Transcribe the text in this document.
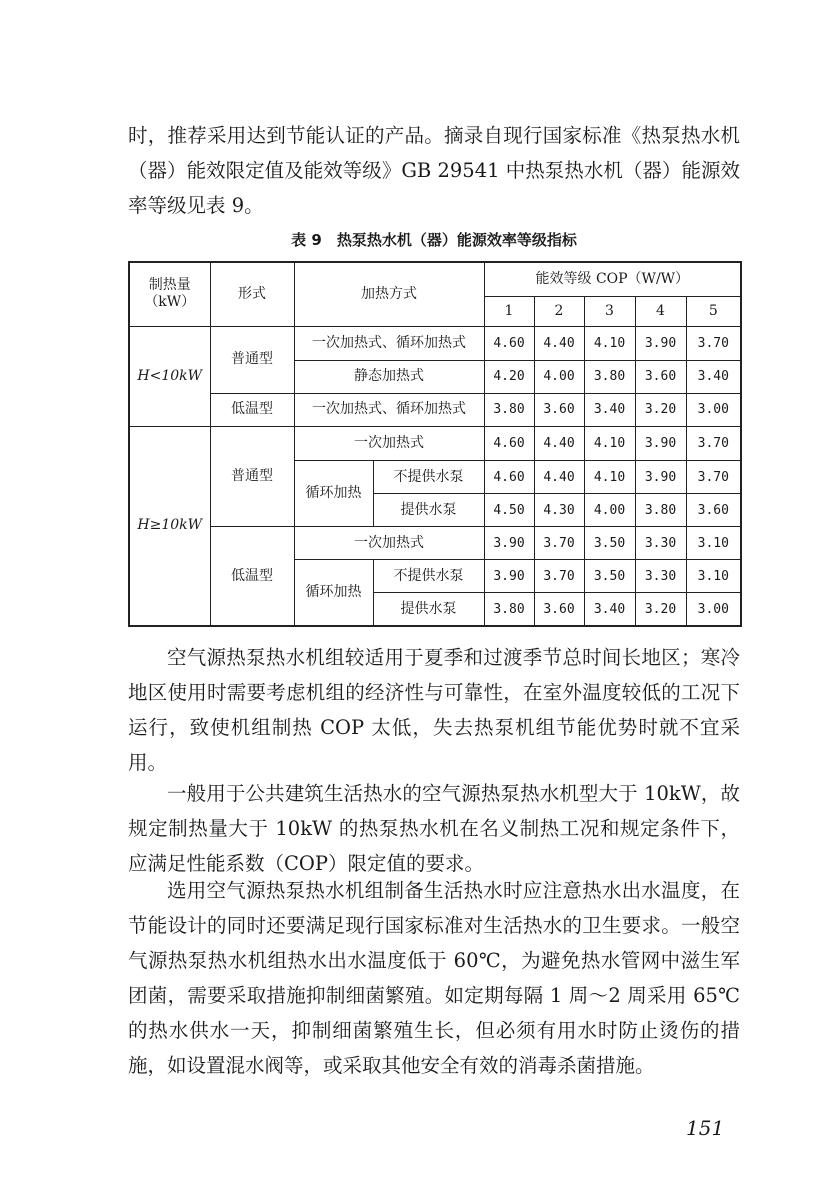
时，推荐采用达到节能认证的产品。摘录自现行国家标准《热泵热水机（器）能效限定值及能效等级》GB 29541 中热泵热水机（器）能源效率等级见表 9。

表 9　热泵热水机（器）能源效率等级指标
制热量
（kW）	形式	加热方式		能效等级 COP（W/W）				
				1	2	3	4	5
H<10kW	普通型	一次加热式、循环加热式		4.60	4.40	4.10	3.90	3.70
		静态加热式		4.20	4.00	3.80	3.60	3.40
	低温型	一次加热式、循环加热式		3.80	3.60	3.40	3.20	3.00
H≥10kW	普通型	一次加热式		4.60	4.40	4.10	3.90	3.70
		循环加热	不提供水泵	4.60	4.40	4.10	3.90	3.70
			提供水泵	4.50	4.30	4.00	3.80	3.60
	低温型	一次加热式		3.90	3.70	3.50	3.30	3.10
		循环加热	不提供水泵	3.90	3.70	3.50	3.30	3.10
			提供水泵	3.80	3.60	3.40	3.20	3.00

空气源热泵热水机组较适用于夏季和过渡季节总时间长地区；寒冷地区使用时需要考虑机组的经济性与可靠性，在室外温度较低的工况下运行，致使机组制热 COP 太低，失去热泵机组节能优势时就不宜采用。

一般用于公共建筑生活热水的空气源热泵热水机型大于 10kW，故规定制热量大于 10kW 的热泵热水机在名义制热工况和规定条件下，应满足性能系数（COP）限定值的要求。

选用空气源热泵热水机组制备生活热水时应注意热水出水温度，在节能设计的同时还要满足现行国家标准对生活热水的卫生要求。一般空气源热泵热水机组热水出水温度低于 60℃，为避免热水管网中滋生军团菌，需要采取措施抑制细菌繁殖。如定期每隔 1 周～2 周采用 65℃的热水供水一天，抑制细菌繁殖生长，但必须有用水时防止烫伤的措施，如设置混水阀等，或采取其他安全有效的消毒杀菌措施。

151
